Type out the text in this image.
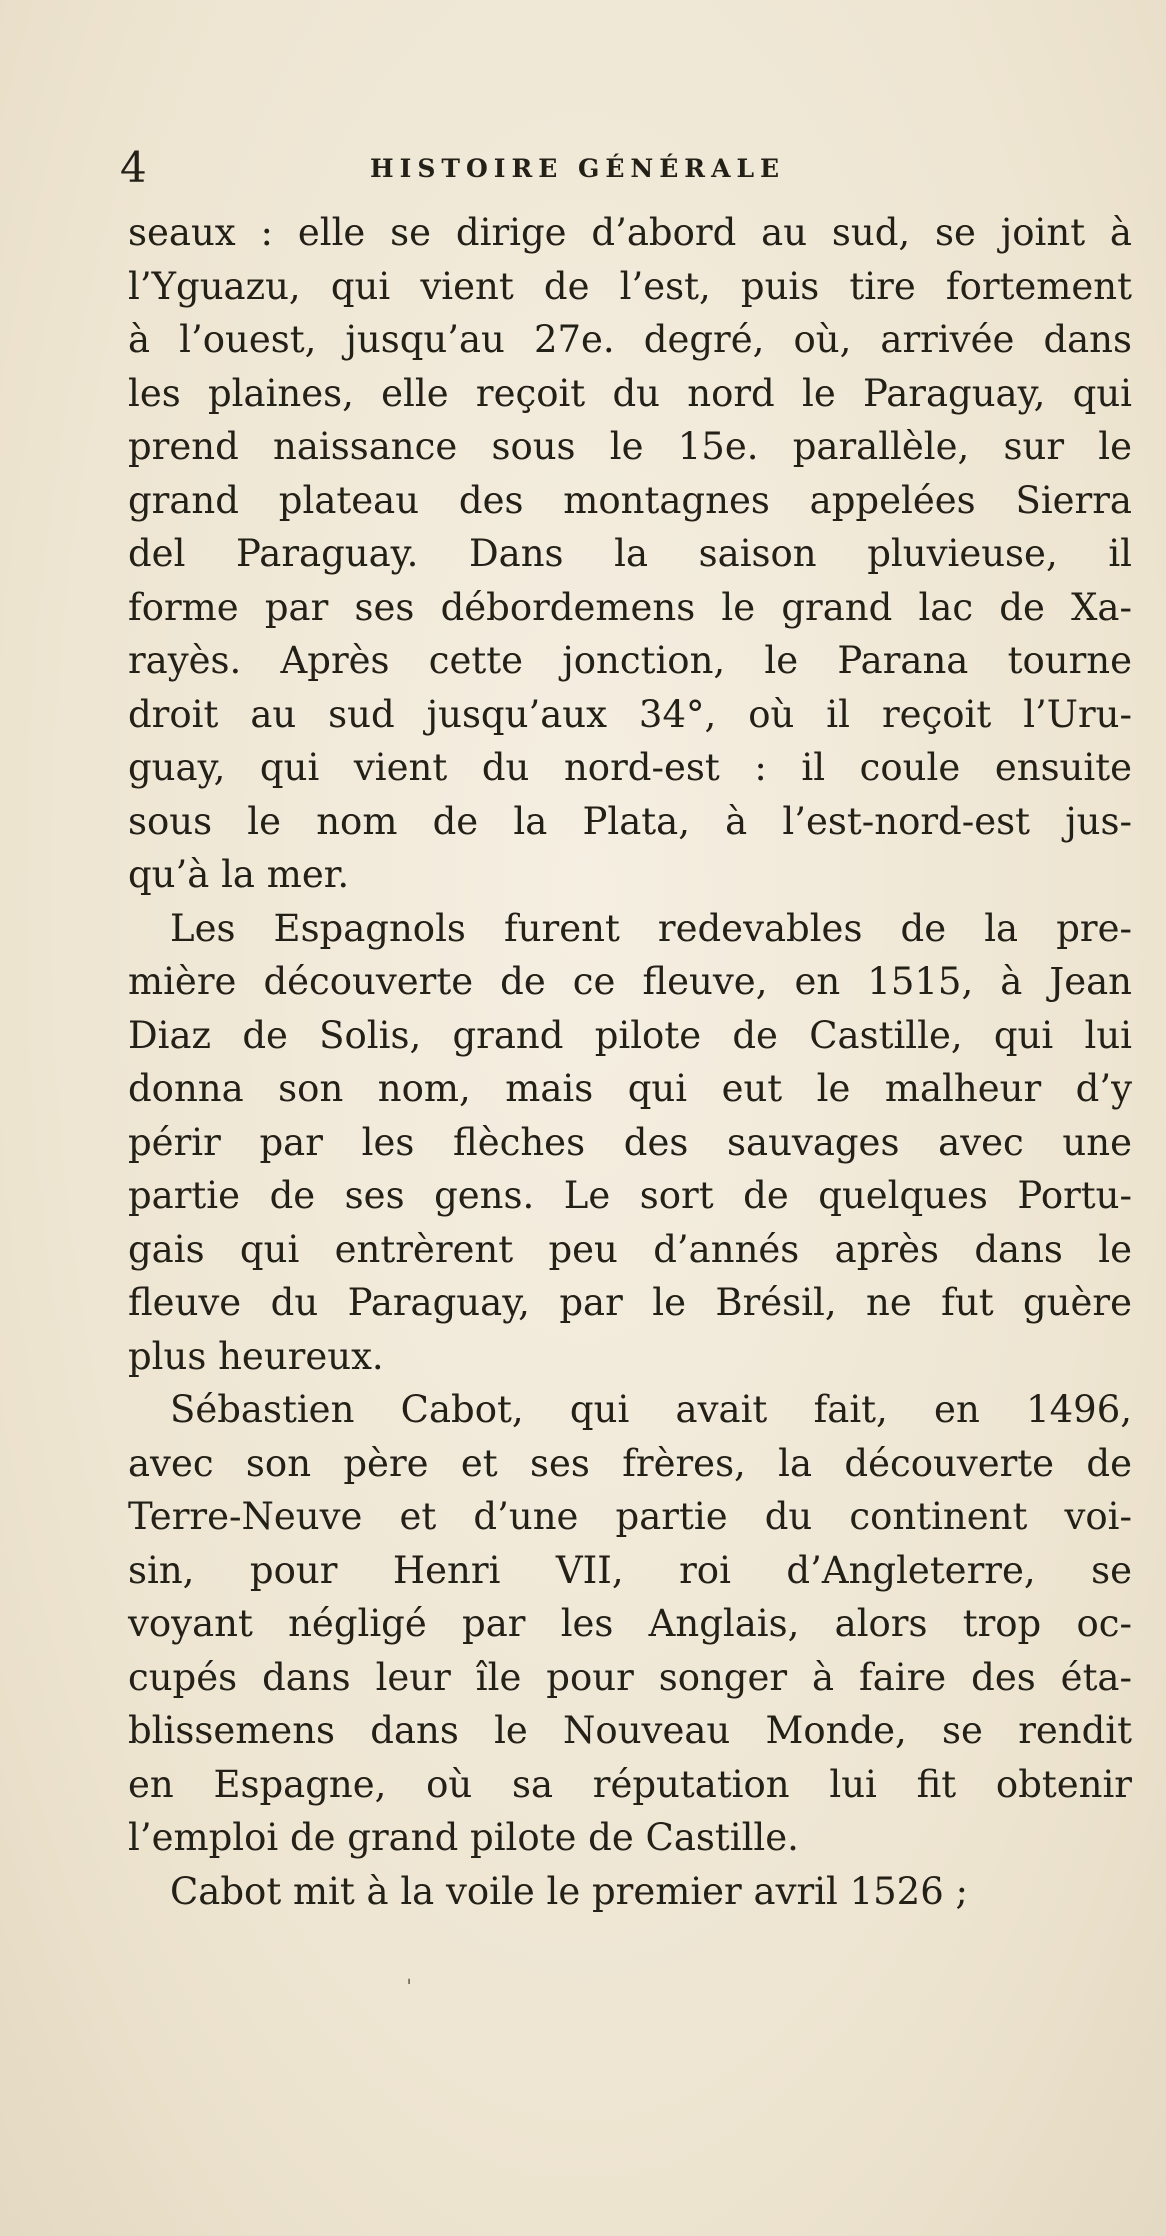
4	HISTOIRE GÉNÉRALE
seaux : elle se dirige d’abord au sud, se joint à
l’Yguazu, qui vient de l’est, puis tire fortement
à l’ouest, jusqu’au 27e. degré, où, arrivée dans
les plaines, elle reçoit du nord le Paraguay, qui
prend naissance sous le 15e. parallèle, sur le
grand plateau des montagnes appelées Sierra
del Paraguay. Dans la saison pluvieuse, il
forme par ses débordemens le grand lac de Xa-
rayès. Après cette jonction, le Parana tourne
droit au sud jusqu’aux 34°, où il reçoit l’Uru-
guay, qui vient du nord-est : il coule ensuite
sous le nom de la Plata, à l’est-nord-est jus-
qu’à la mer.
Les Espagnols furent redevables de la pre-
mière découverte de ce fleuve, en 1515, à Jean
Diaz de Solis, grand pilote de Castille, qui lui
donna son nom, mais qui eut le malheur d’y
périr par les flèches des sauvages avec une
partie de ses gens. Le sort de quelques Portu-
gais qui entrèrent peu d’annés après dans le
fleuve du Paraguay, par le Brésil, ne fut guère
plus heureux.
Sébastien Cabot, qui avait fait, en 1496,
avec son père et ses frères, la découverte de
Terre-Neuve et d’une partie du continent voi-
sin, pour Henri VII, roi d’Angleterre, se
voyant négligé par les Anglais, alors trop oc-
cupés dans leur île pour songer à faire des éta-
blissemens dans le Nouveau Monde, se rendit
en Espagne, où sa réputation lui fit obtenir
l’emploi de grand pilote de Castille.
Cabot mit à la voile le premier avril 1526 ;
ˌ
